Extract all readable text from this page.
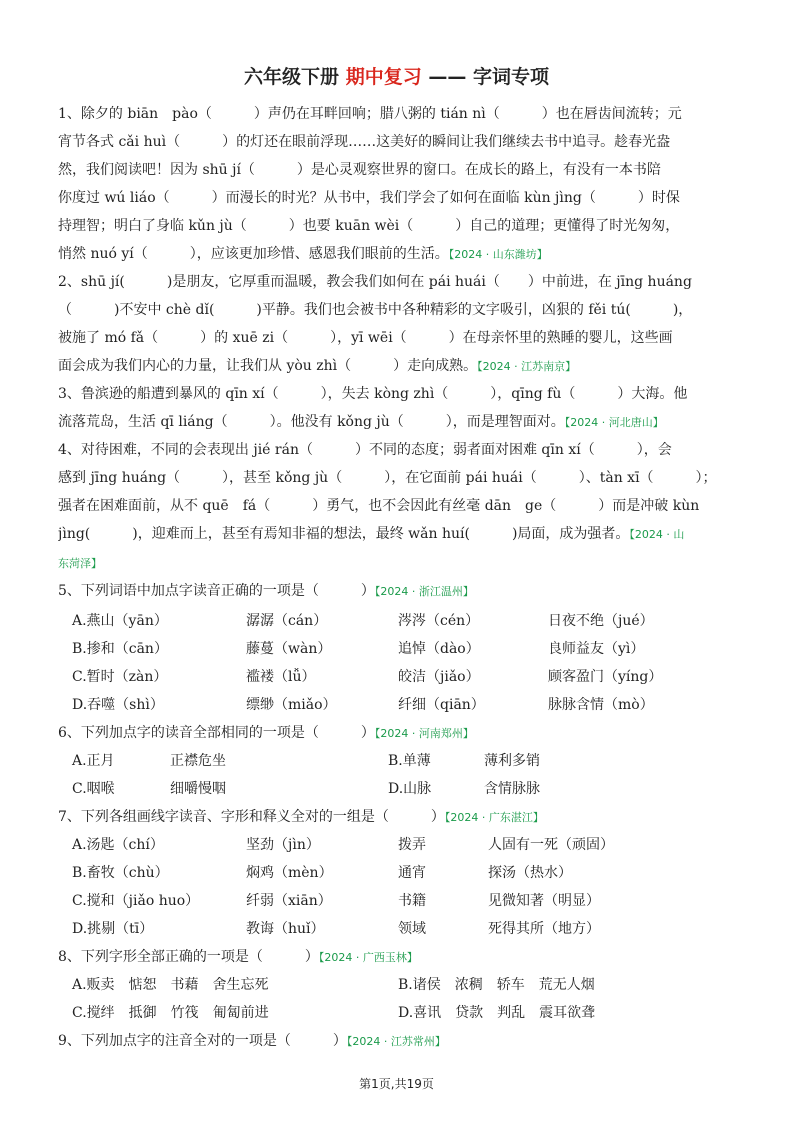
六年级下册 期中复习 —— 字词专项
1、除夕的 biān　pào（　　　）声仍在耳畔回响；腊八粥的 tián nì（　　　）也在唇齿间流转；元
宵节各式 cǎi huì（　　　）的灯还在眼前浮现……这美好的瞬间让我们继续去书中追寻。趁春光盎
然，我们阅读吧！因为 shū jí（　　　）是心灵观察世界的窗口。在成长的路上，有没有一本书陪
你度过 wú liáo（　　　）而漫长的时光？从书中，我们学会了如何在面临 kùn jìng（　　　）时保
持理智；明白了身临 kǔn jù（　　　）也要 kuān wèi（　　　）自己的道理；更懂得了时光匆匆，
悄然 nuó yí（　　　），应该更加珍惜、感恩我们眼前的生活。【2024 · 山东潍坊】
2、shū jí(　　　)是朋友，它厚重而温暖，教会我们如何在 pái huái（　　）中前进，在 jīng huáng
（　　　)不安中 chè dǐ(　　　)平静。我们也会被书中各种精彩的文字吸引，凶狠的 fěi tú(　　　)，
被施了 mó fǎ（　　　）的 xuē zi（　　　），yī wēi（　　　）在母亲怀里的熟睡的婴儿，这些画
面会成为我们内心的力量，让我们从 yòu zhì（　　　）走向成熟。【2024 · 江苏南京】
3、鲁滨逊的船遭到暴风的 qīn xí（　　　），失去 kòng zhì（　　　），qīng fù（　　　）大海。他
流落荒岛，生活 qī liáng（　　　）。他没有 kǒng jù（　　　），而是理智面对。【2024 · 河北唐山】
4、对待困难，不同的会表现出 jié rán（　　　）不同的态度；弱者面对困难 qīn xí（　　　），会
感到 jīng huáng（　　　），甚至 kǒng jù（　　　），在它面前 pái huái（　　　）、tàn xī（　　　）；
强者在困难面前，从不 quē　fá（　　　）勇气，也不会因此有丝毫 dān　ge（　　　）而是冲破 kùn
jìng(　　　)，迎难而上，甚至有焉知非福的想法，最终 wǎn huí(　　　)局面，成为强者。【2024 · 山
东菏泽】
5、下列词语中加点字读音正确的一项是（　　　）【2024 · 浙江温州】
A.燕山（yān）	潺潺（cán）	涔涔（cén）	日夜不绝（jué）
B.掺和（cān）	藤蔓（wàn）	追悼（dào）	良师益友（yì）
C.暂时（zàn）	褴褛（lǚ）	皎洁（jiǎo）	顾客盈门（yíng）
D.吞噬（shì）	缥缈（miǎo）	纤细（qiān）	脉脉含情（mò）
6、下列加点字的读音全部相同的一项是（　　　）【2024 · 河南郑州】
A.正月	正襟危坐	B.单薄	薄利多销
C.咽喉	细嚼慢咽	D.山脉	含情脉脉
7、下列各组画线字读音、字形和释义全对的一组是（　　　）【2024 · 广东湛江】
A.汤匙（chí）	坚劲（jìn）	拨弄	人固有一死（顽固）
B.畜牧（chù）	焖鸡（mèn）	通宵	探汤（热水）
C.搅和（jiǎo huo）	纤弱（xiān）	书籍	见微知著（明显）
D.挑剔（tī）	教诲（huǐ）	领域	死得其所（地方）
8、下列字形全部正确的一项是（　　　）【2024 · 广西玉林】
A.贩卖　惦恕　书藉　舍生忘死	B.诸侯　浓稠　轿车　荒无人烟
C.搅绊　抵御　竹筏　匍匐前进	D.喜讯　贷款　判乱　震耳欲聋
9、下列加点字的注音全对的一项是（　　　）【2024 · 江苏常州】
第1页,共19页
